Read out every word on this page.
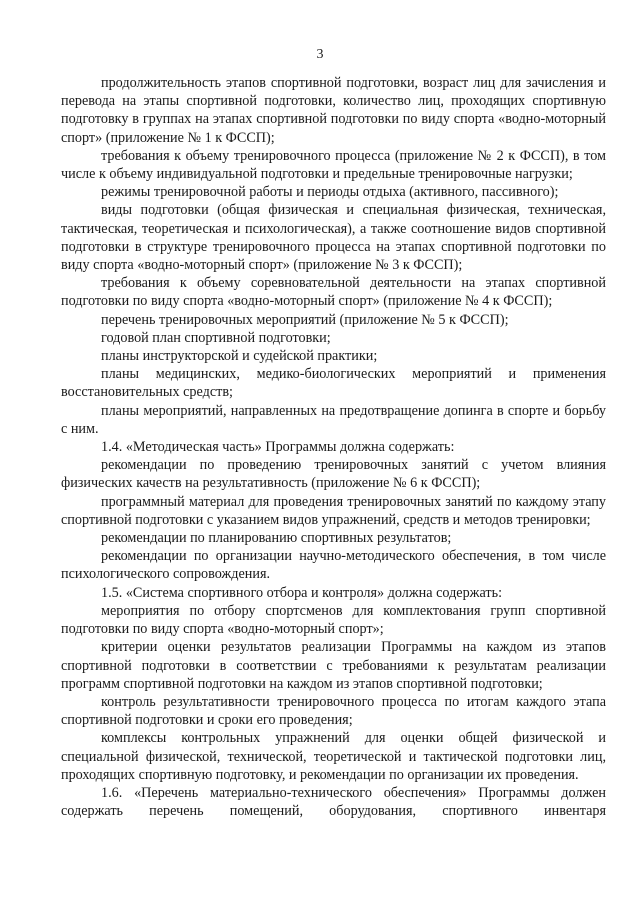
3

продолжительность этапов спортивной подготовки, возраст лиц для зачисления и перевода на этапы спортивной подготовки, количество лиц, проходящих спортивную подготовку в группах на этапах спортивной подготовки по виду спорта «водно-моторный спорт» (приложение № 1 к ФССП);

требования к объему тренировочного процесса (приложение № 2 к ФССП), в том числе к объему индивидуальной подготовки и предельные тренировочные нагрузки;

режимы тренировочной работы и периоды отдыха (активного, пассивного);

виды подготовки (общая физическая и специальная физическая, техническая, тактическая, теоретическая и психологическая), а также соотношение видов спортивной подготовки в структуре тренировочного процесса на этапах спортивной подготовки по виду спорта «водно-моторный спорт» (приложение № 3 к ФССП);

требования к объему соревновательной деятельности на этапах спортивной подготовки по виду спорта «водно-моторный спорт» (приложение № 4 к ФССП);

перечень тренировочных мероприятий (приложение № 5 к ФССП);

годовой план спортивной подготовки;

планы инструкторской и судейской практики;

планы медицинских, медико-биологических мероприятий и применения восстановительных средств;

планы мероприятий, направленных на предотвращение допинга в спорте и борьбу с ним.

1.4. «Методическая часть» Программы должна содержать:

рекомендации по проведению тренировочных занятий с учетом влияния физических качеств на результативность (приложение № 6 к ФССП);

программный материал для проведения тренировочных занятий по каждому этапу спортивной подготовки с указанием видов упражнений, средств и методов тренировки;

рекомендации по планированию спортивных результатов;

рекомендации по организации научно-методического обеспечения, в том числе психологического сопровождения.

1.5. «Система спортивного отбора и контроля» должна содержать:

мероприятия по отбору спортсменов для комплектования групп спортивной подготовки по виду спорта «водно-моторный спорт»;

критерии оценки результатов реализации Программы на каждом из этапов спортивной подготовки в соответствии с требованиями к результатам реализации программ спортивной подготовки на каждом из этапов спортивной подготовки;

контроль результативности тренировочного процесса по итогам каждого этапа спортивной подготовки и сроки его проведения;

комплексы контрольных упражнений для оценки общей физической и специальной физической, технической, теоретической и тактической подготовки лиц, проходящих спортивную подготовку, и рекомендации по организации их проведения.

1.6. «Перечень материально-технического обеспечения» Программы должен содержать перечень помещений, оборудования, спортивного инвентаря
